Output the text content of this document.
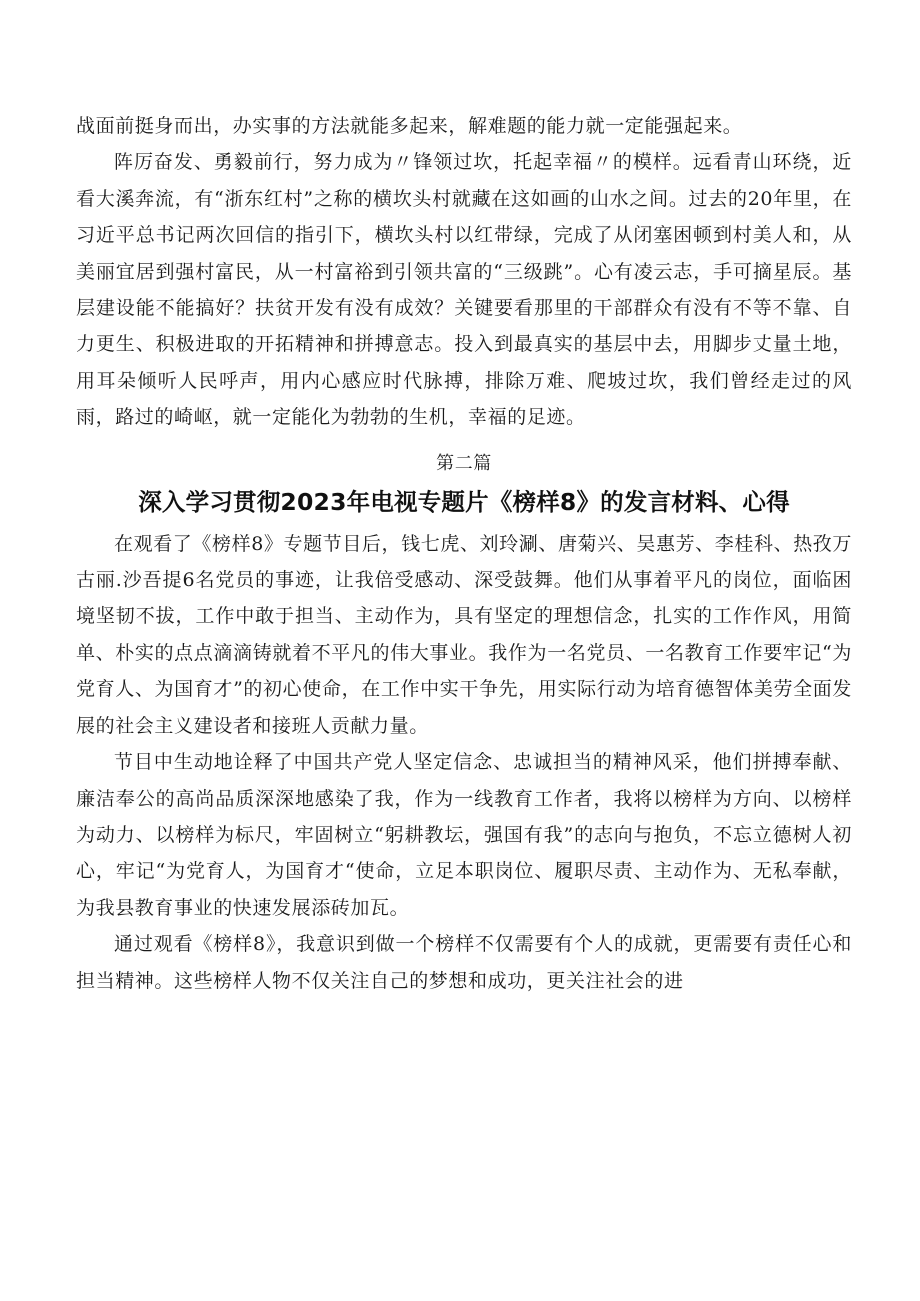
战面前挺身而出，办实事的方法就能多起来，解难题的能力就一定能强起来。

阵厉奋发、勇毅前行，努力成为〃锋领过坎，托起幸福〃的模样。远看青山环绕，近看大溪奔流，有“浙东红村”之称的横坎头村就藏在这如画的山水之间。过去的20年里，在习近平总书记两次回信的指引下，横坎头村以红带绿，完成了从闭塞困顿到村美人和，从美丽宜居到强村富民，从一村富裕到引领共富的“三级跳”。心有凌云志，手可摘星辰。基层建设能不能搞好？扶贫开发有没有成效？关键要看那里的干部群众有没有不等不靠、自力更生、积极进取的开拓精神和拼搏意志。投入到最真实的基层中去，用脚步丈量土地，用耳朵倾听人民呼声，用内心感应时代脉搏，排除万难、爬坡过坎，我们曾经走过的风雨，路过的崎岖，就一定能化为勃勃的生机，幸福的足迹。

第二篇
深入学习贯彻2023年电视专题片《榜样8》的发言材料、心得

在观看了《榜样8》专题节目后，钱七虎、刘玲涮、唐菊兴、吴惠芳、李桂科、热孜万古丽.沙吾提6名党员的事迹，让我倍受感动、深受鼓舞。他们从事着平凡的岗位，面临困境坚韧不拔，工作中敢于担当、主动作为，具有坚定的理想信念，扎实的工作作风，用简单、朴实的点点滴滴铸就着不平凡的伟大事业。我作为一名党员、一名教育工作要牢记“为党育人、为国育才”的初心使命，在工作中实干争先，用实际行动为培育德智体美劳全面发展的社会主义建设者和接班人贡献力量。

节目中生动地诠释了中国共产党人坚定信念、忠诚担当的精神风采，他们拼搏奉献、廉洁奉公的高尚品质深深地感染了我，作为一线教育工作者，我将以榜样为方向、以榜样为动力、以榜样为标尺，牢固树立“躬耕教坛，强国有我”的志向与抱负，不忘立德树人初心，牢记“为党育人，为国育才“使命，立足本职岗位、履职尽责、主动作为、无私奉献，为我县教育事业的快速发展添砖加瓦。

通过观看《榜样8》，我意识到做一个榜样不仅需要有个人的成就，更需要有责任心和担当精神。这些榜样人物不仅关注自己的梦想和成功，更关注社会的进
